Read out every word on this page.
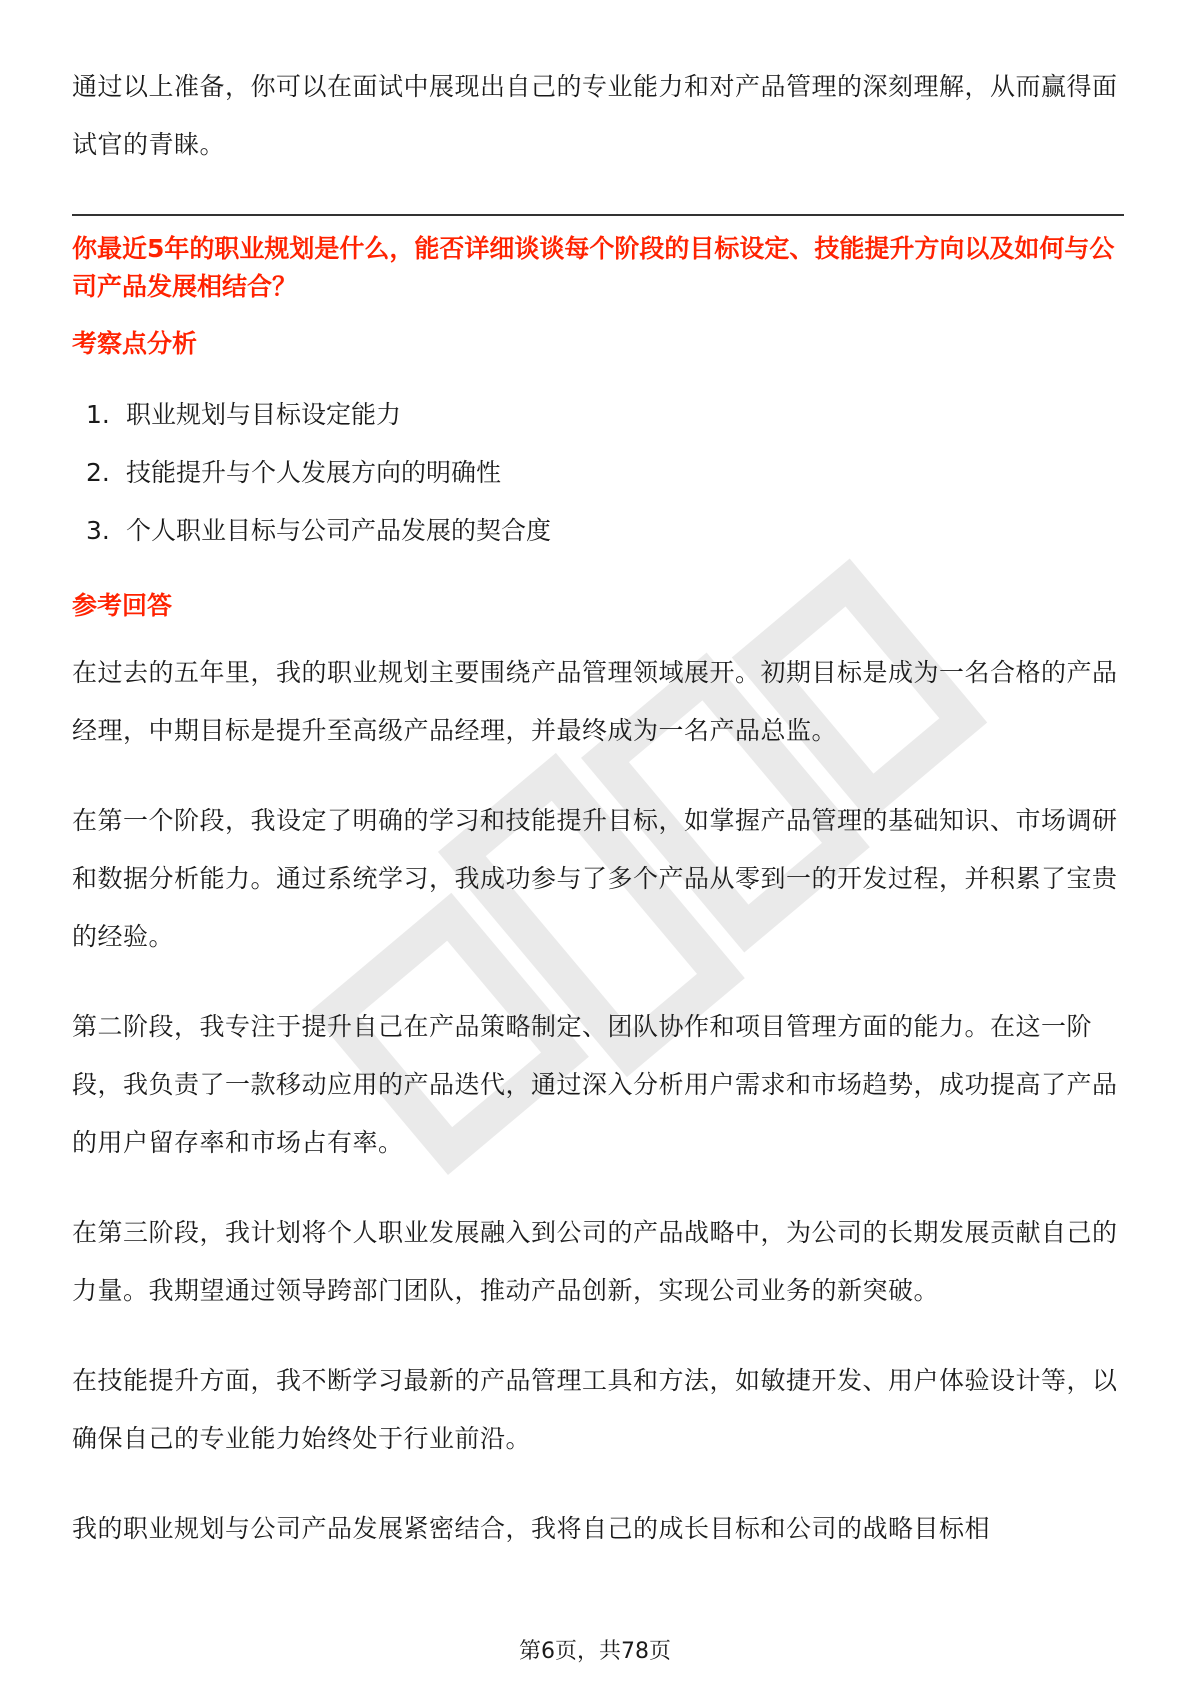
通过以上准备，你可以在面试中展现出自己的专业能力和对产品管理的深刻理解，从而赢得面试官的青睐。

你最近5年的职业规划是什么，能否详细谈谈每个阶段的目标设定、技能提升方向以及如何与公司产品发展相结合？

考察点分析

1. 职业规划与目标设定能力
2. 技能提升与个人发展方向的明确性
3. 个人职业目标与公司产品发展的契合度

参考回答

在过去的五年里，我的职业规划主要围绕产品管理领域展开。初期目标是成为一名合格的产品经理，中期目标是提升至高级产品经理，并最终成为一名产品总监。

在第一个阶段，我设定了明确的学习和技能提升目标，如掌握产品管理的基础知识、市场调研和数据分析能力。通过系统学习，我成功参与了多个产品从零到一的开发过程，并积累了宝贵的经验。

第二阶段，我专注于提升自己在产品策略制定、团队协作和项目管理方面的能力。在这一阶段，我负责了一款移动应用的产品迭代，通过深入分析用户需求和市场趋势，成功提高了产品的用户留存率和市场占有率。

在第三阶段，我计划将个人职业发展融入到公司的产品战略中，为公司的长期发展贡献自己的力量。我期望通过领导跨部门团队，推动产品创新，实现公司业务的新突破。

在技能提升方面，我不断学习最新的产品管理工具和方法，如敏捷开发、用户体验设计等，以确保自己的专业能力始终处于行业前沿。

我的职业规划与公司产品发展紧密结合，我将自己的成长目标和公司的战略目标相

第6页，共78页
